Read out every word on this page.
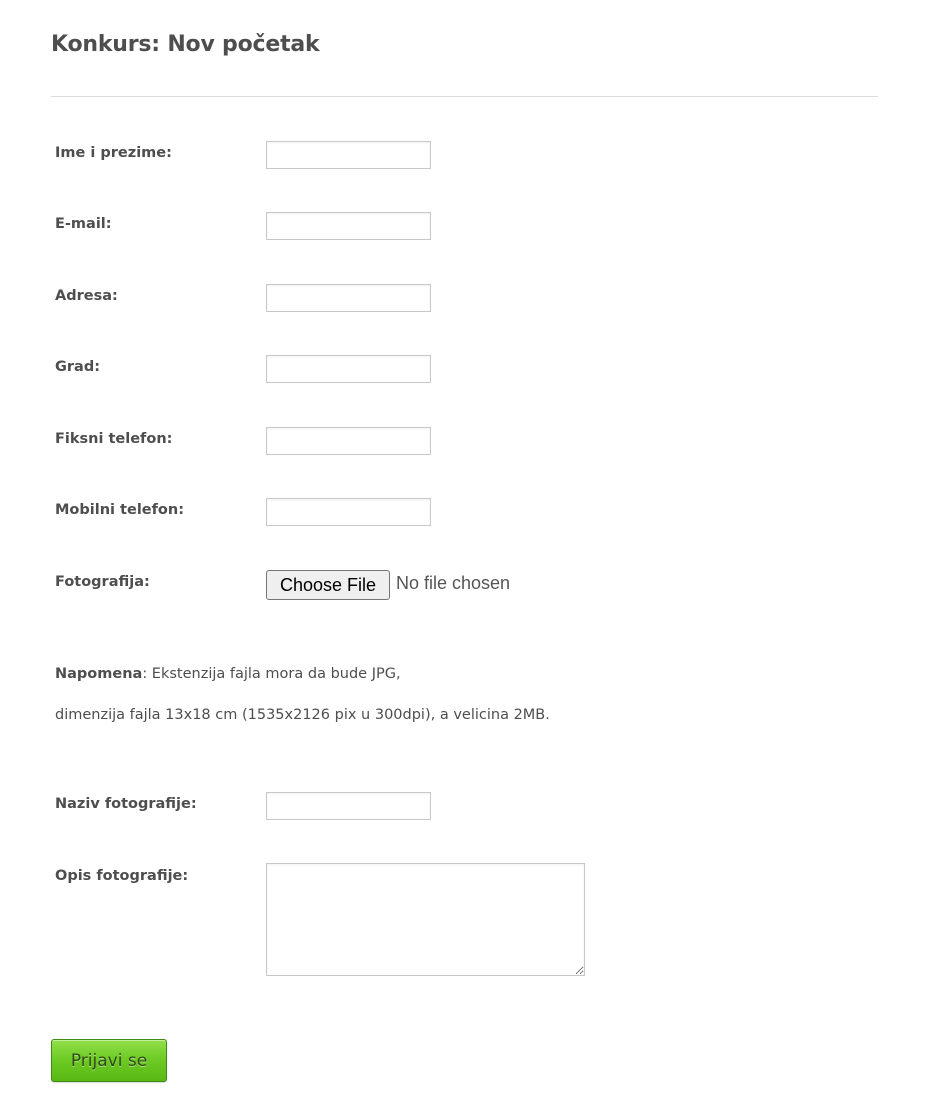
Konkurs: Nov početak
Ime i prezime:
E-mail:
Adresa:
Grad:
Fiksni telefon:
Mobilni telefon:
Fotografija:	Choose File	No file chosen
Napomena: Ekstenzija fajla mora da bude JPG,
dimenzija fajla 13x18 cm (1535x2126 pix u 300dpi), a velicina 2MB.
Naziv fotografije:
Opis fotografije:
Prijavi se
